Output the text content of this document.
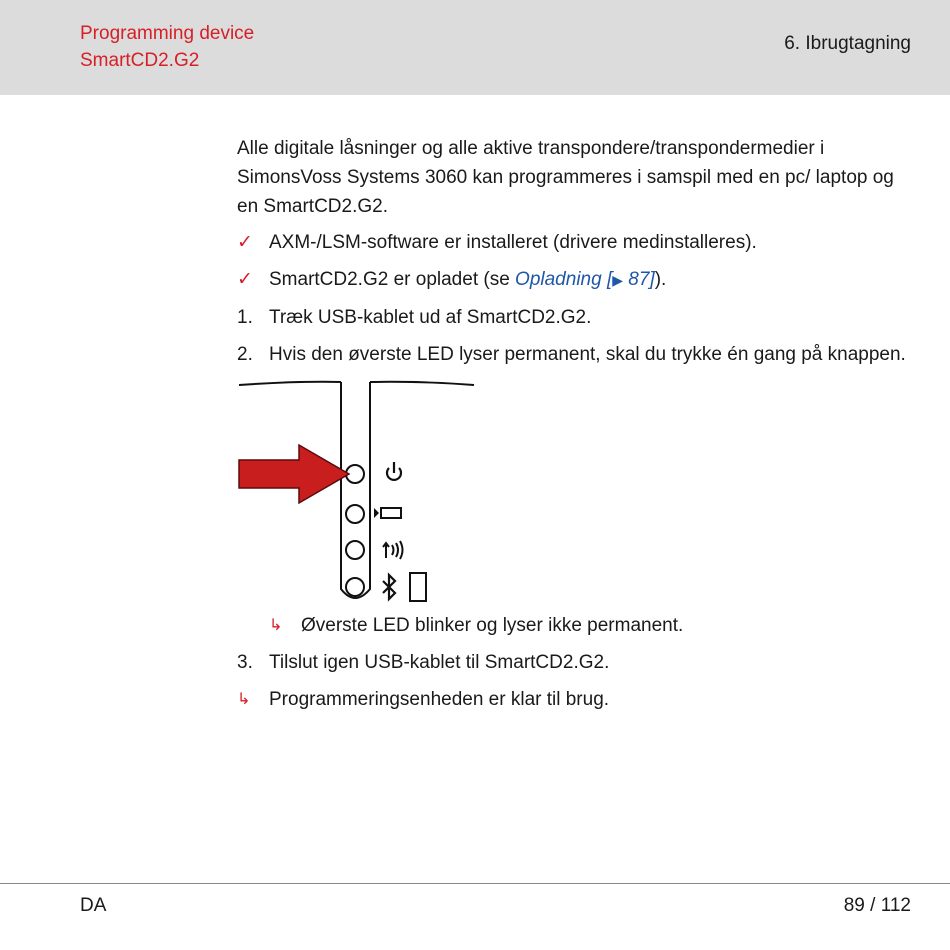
Programming device
SmartCD2.G2
6. Ibrugtagning

Alle digitale låsninger og alle aktive transpondere/transpondermedier i SimonsVoss Systems 3060 kan programmeres i samspil med en pc/ laptop og en SmartCD2.G2.

✓ AXM-/LSM-software er installeret (drivere medinstalleres).
✓ SmartCD2.G2 er opladet (se Opladning [▶ 87]).
1. Træk USB-kablet ud af SmartCD2.G2.
2. Hvis den øverste LED lyser permanent, skal du trykke én gang på knappen.
↳ Øverste LED blinker og lyser ikke permanent.
3. Tilslut igen USB-kablet til SmartCD2.G2.
↳ Programmeringsenheden er klar til brug.
DA	89 / 112
